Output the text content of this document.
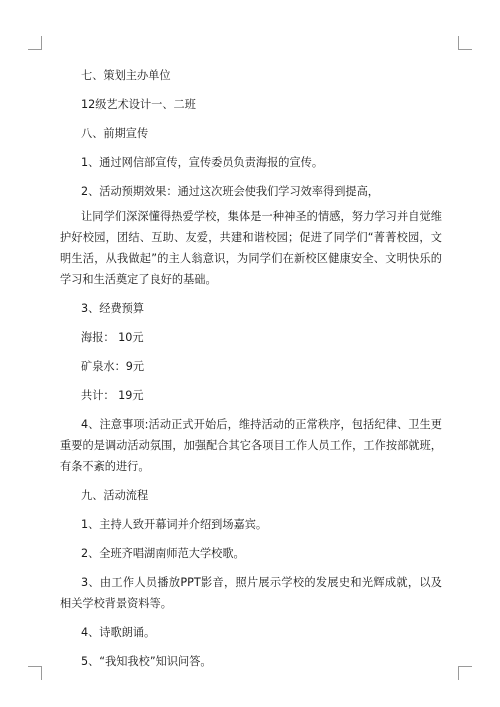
七、策划主办单位

12级艺术设计一、二班

八、前期宣传

1、通过网信部宣传，宣传委员负责海报的宣传。

2、活动预期效果：通过这次班会使我们学习效率得到提高，

让同学们深深懂得热爱学校，集体是一种神圣的情感，努力学习并自觉维护好校园，团结、互助、友爱，共建和谐校园；促进了同学们“菁菁校园，文明生活，从我做起”的主人翁意识，为同学们在新校区健康安全、文明快乐的学习和生活奠定了良好的基础。

3、经费预算

海报： 10元

矿泉水：9元

共计： 19元

4、注意事项:活动正式开始后，维持活动的正常秩序，包括纪律、卫生更重要的是调动活动氛围，加强配合其它各项目工作人员工作，工作按部就班，有条不紊的进行。

九、活动流程

1、主持人致开幕词并介绍到场嘉宾。

2、全班齐唱湖南师范大学校歌。

3、由工作人员播放PPT影音，照片展示学校的发展史和光辉成就，以及相关学校背景资料等。

4、诗歌朗诵。

5、“我知我校”知识问答。
